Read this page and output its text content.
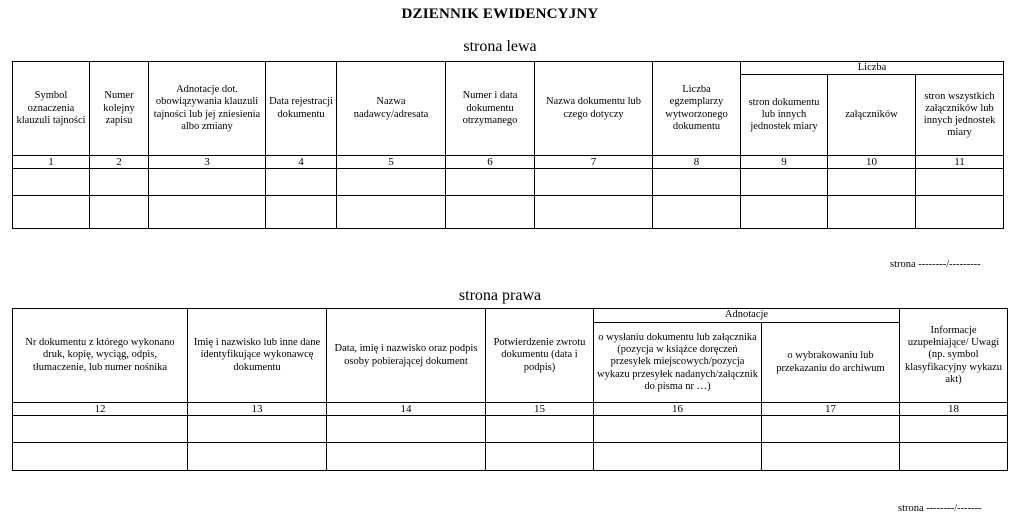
DZIENNIK EWIDENCYJNY
strona lewa
Symbol oznaczenia klauzuli tajności	Numer kolejny zapisu	Adnotacje dot. obowiązywania klauzuli tajności lub jej zniesienia albo zmiany	Data rejestracji dokumentu	Nazwa nadawcy/adresata	Numer i data dokumentu otrzymanego	Nazwa dokumentu lub czego dotyczy	Liczba egzemplarzy wytworzonego dokumentu	Liczba		
								stron dokumentu lub innych jednostek miary	załączników	stron wszystkich załączników lub innych jednostek miary
1	2	3	4	5	6	7	8	9	10	11

strona --------/---------
strona prawa
Nr dokumentu z którego wykonano druk, kopię, wyciąg, odpis, tłumaczenie, lub numer nośnika	Imię i nazwisko lub inne dane identyfikujące wykonawcę dokumentu	Data, imię i nazwisko oraz podpis osoby pobierającej dokument	Potwierdzenie zwrotu dokumentu (data i podpis)	Adnotacje		Informacje uzupełniające/ Uwagi (np. symbol klasyfikacyjny wykazu akt)
				o wysłaniu dokumentu lub załącznika (pozycja w książce doręczeń przesyłek miejscowych/pozycja wykazu przesyłek nadanych/załącznik do pisma nr …)	o wybrakowaniu lub przekazaniu do archiwum	
12	13	14	15	16	17	18

strona --------/-------
